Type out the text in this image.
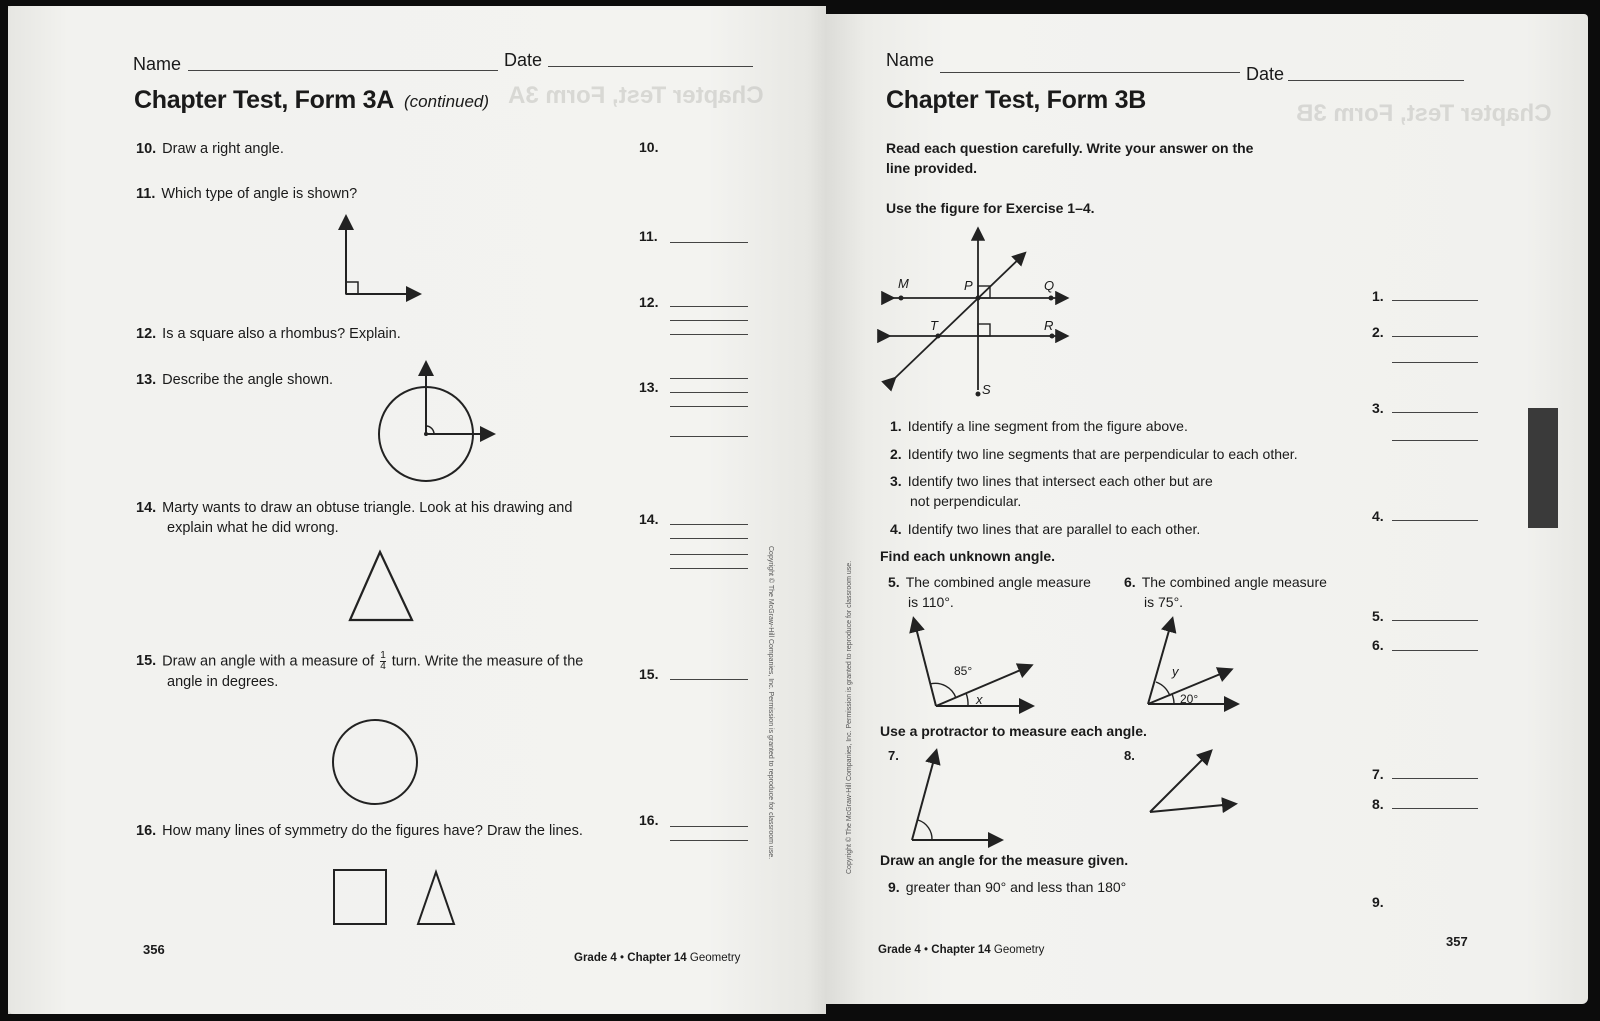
Chapter Test, Form 3A
Name	Date
Chapter Test, Form 3A (continued)
10. Draw a right angle.
11. Which type of angle is shown?
12. Is a square also a rhombus? Explain.
13. Describe the angle shown.
14. Marty wants to draw an obtuse triangle. Look at his drawing and
explain what he did wrong.
15. Draw an angle with a measure of $\frac{1}{4}$ turn. Write the measure of the
angle in degrees.
16. How many lines of symmetry do the figures have? Draw the lines.
10.
11.
12.
13.
14.
15.
16.
356
Grade 4 • Chapter 14 Geometry
Copyright © The McGraw-Hill Companies, Inc. Permission is granted to reproduce for classroom use.
Chapter Test, Form 3B
Name
Date
Chapter Test, Form 3B
Read each question carefully. Write your answer on the
line provided.
Use the figure for Exercise 1–4.
M	P	Q
T	R
S
1. Identify a line segment from the figure above.
2. Identify two line segments that are perpendicular to each other.
3. Identify two lines that intersect each other but are
not perpendicular.
4. Identify two lines that are parallel to each other.
Find each unknown angle.
5. The combined angle measure
is 110°.
6. The combined angle measure
is 75°.
85°
x
y
20°
Use a protractor to measure each angle.
7.	8.
Draw an angle for the measure given.
9. greater than 90° and less than 180°
1.
2.
3.
4.
5.
6.
7.
8.
9.
357
Grade 4 • Chapter 14 Geometry
Copyright © The McGraw-Hill Companies, Inc. Permission is granted to reproduce for classroom use.
